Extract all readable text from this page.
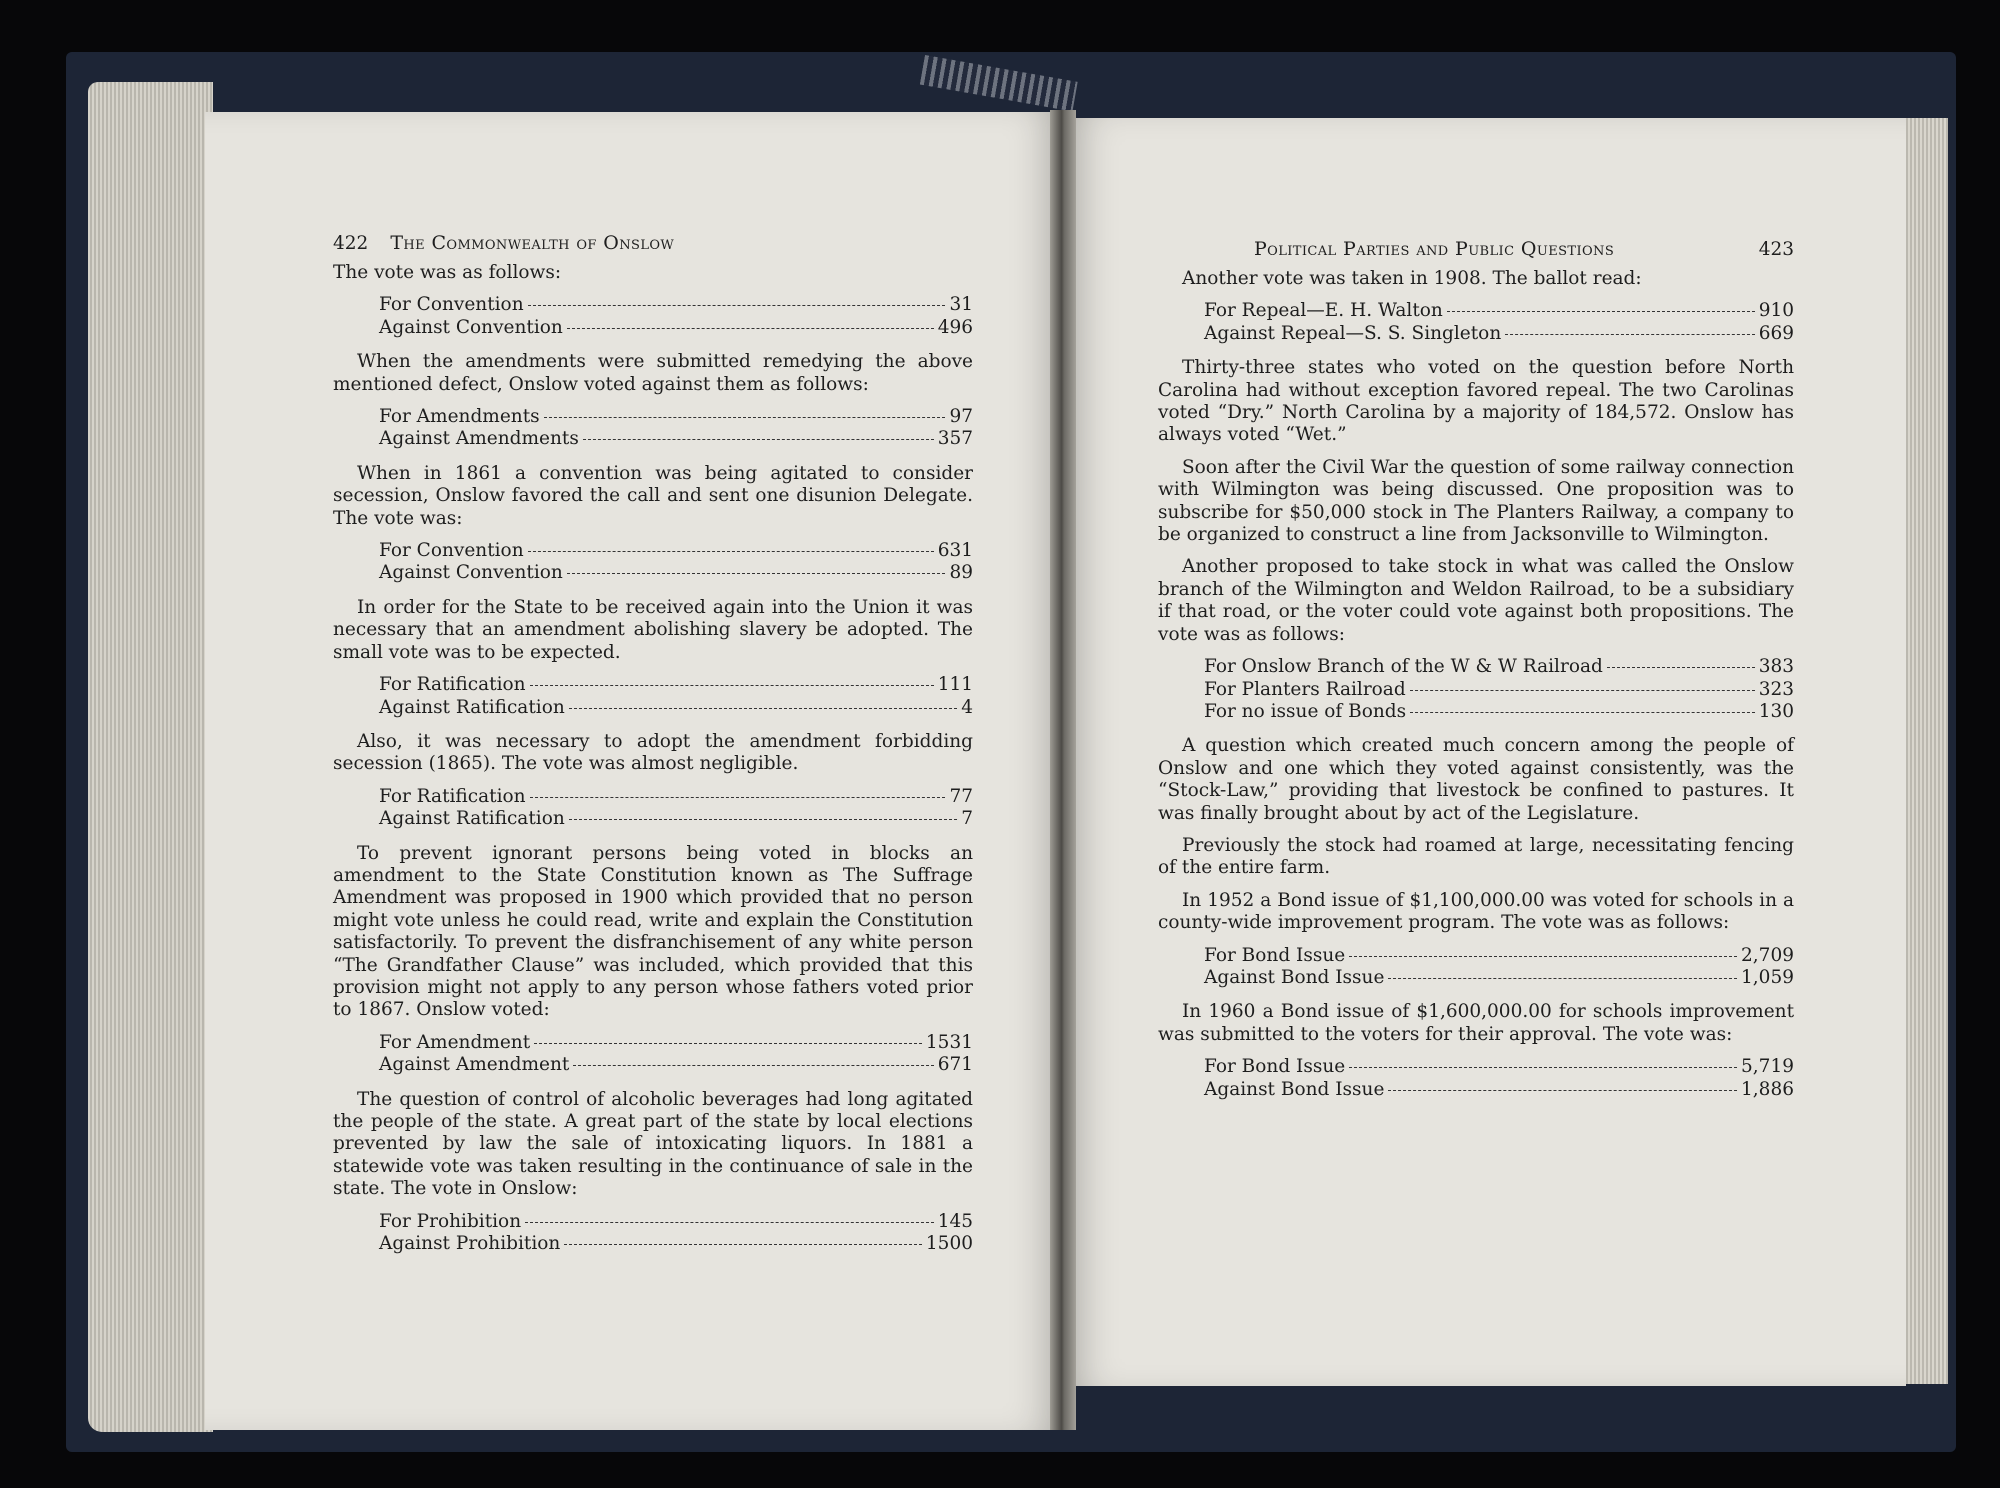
422 The Commonwealth of Onslow

The vote was as follows:

For Convention	31
Against Convention	496

When the amendments were submitted remedying the above mentioned defect, Onslow voted against them as follows:

For Amendments	97
Against Amendments	357

When in 1861 a convention was being agitated to consider secession, Onslow favored the call and sent one disunion Delegate. The vote was:

For Convention	631
Against Convention	89

In order for the State to be received again into the Union it was necessary that an amendment abolishing slavery be adopted. The small vote was to be expected.

For Ratification	111
Against Ratification	4

Also, it was necessary to adopt the amendment forbidding secession (1865). The vote was almost negligible.

For Ratification	77
Against Ratification	7

To prevent ignorant persons being voted in blocks an amendment to the State Constitution known as The Suffrage Amendment was proposed in 1900 which provided that no person might vote unless he could read, write and explain the Constitution satisfactorily. To prevent the disfranchisement of any white person “The Grandfather Clause” was included, which provided that this provision might not apply to any person whose fathers voted prior to 1867. Onslow voted:

For Amendment	1531
Against Amendment	671

The question of control of alcoholic beverages had long agitated the people of the state. A great part of the state by local elections prevented by law the sale of intoxicating liquors. In 1881 a statewide vote was taken resulting in the continuance of sale in the state. The vote in Onslow:

For Prohibition	145
Against Prohibition	1500
Political Parties and Public Questions	423

Another vote was taken in 1908. The ballot read:

For Repeal—E. H. Walton	910
Against Repeal—S. S. Singleton	669

Thirty-three states who voted on the question before North Carolina had without exception favored repeal. The two Carolinas voted “Dry.” North Carolina by a majority of 184,572. Onslow has always voted “Wet.”

Soon after the Civil War the question of some railway connection with Wilmington was being discussed. One proposition was to subscribe for $50,000 stock in The Planters Railway, a company to be organized to construct a line from Jacksonville to Wilmington.

Another proposed to take stock in what was called the Onslow branch of the Wilmington and Weldon Railroad, to be a subsidiary if that road, or the voter could vote against both propositions. The vote was as follows:

For Onslow Branch of the W & W Railroad	383
For Planters Railroad	323
For no issue of Bonds	130

A question which created much concern among the people of Onslow and one which they voted against consistently, was the “Stock-Law,” providing that livestock be confined to pastures. It was finally brought about by act of the Legislature.

Previously the stock had roamed at large, necessitating fencing of the entire farm.

In 1952 a Bond issue of $1,100,000.00 was voted for schools in a county-wide improvement program. The vote was as follows:

For Bond Issue	2,709
Against Bond Issue	1,059

In 1960 a Bond issue of $1,600,000.00 for schools improvement was submitted to the voters for their approval. The vote was:

For Bond Issue	5,719
Against Bond Issue	1,886
